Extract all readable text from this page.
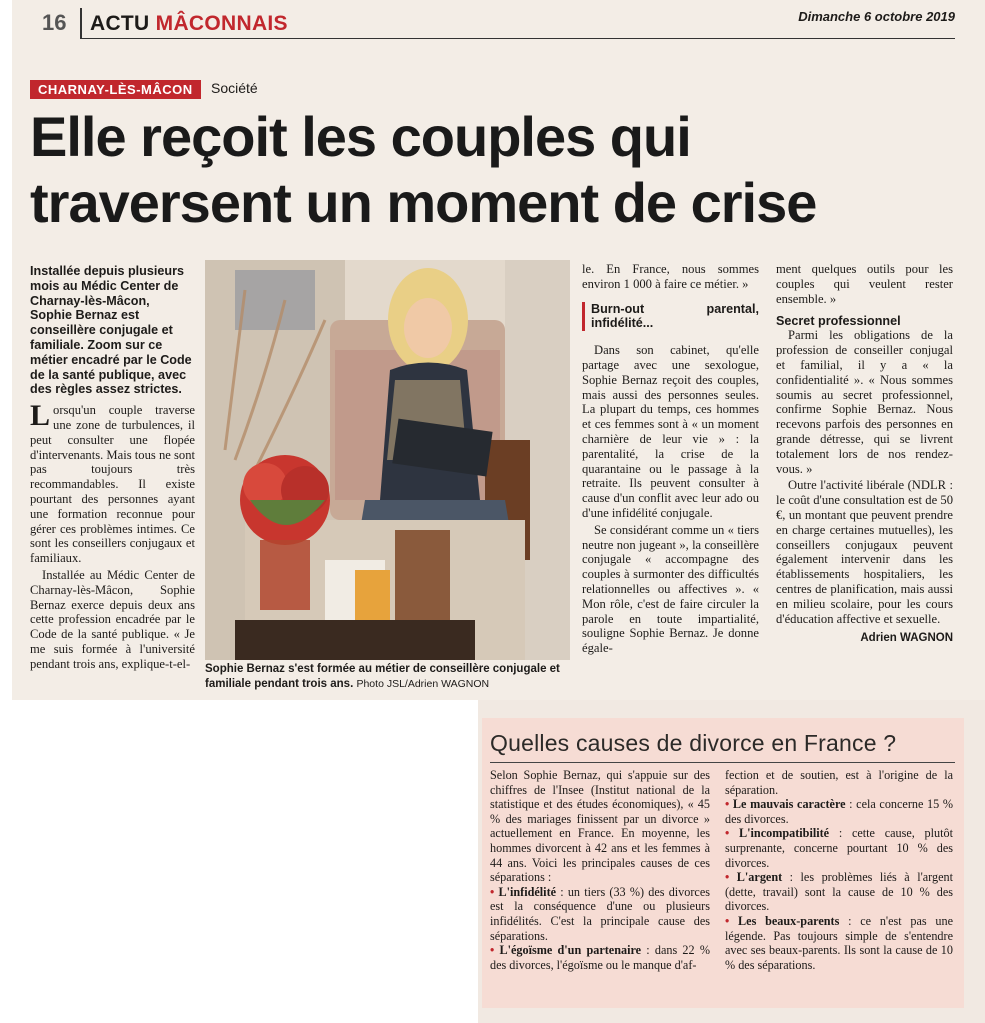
16 ACTU MÂCONNAIS	Dimanche 6 octobre 2019
CHARNAY-LÈS-MÂCON	Société
Elle reçoit les couples qui traversent un moment de crise
Installée depuis plusieurs mois au Médic Center de Charnay-lès-Mâcon, Sophie Bernaz est conseillère conjugale et familiale. Zoom sur ce métier encadré par le Code de la santé publique, avec des règles assez strictes.

Lorsqu'un couple traverse une zone de turbulences, il peut consulter une flopée d'intervenants. Mais tous ne sont pas toujours très recommandables. Il existe pourtant des personnes ayant une formation reconnue pour gérer ces problèmes intimes. Ce sont les conseillers conjugaux et familiaux.

Installée au Médic Center de Charnay-lès-Mâcon, Sophie Bernaz exerce depuis deux ans cette profession encadrée par le Code de la santé publique. « Je me suis formée à l'université pendant trois ans, explique-t-el-	Sophie Bernaz s'est formée au métier de conseillère conjugale et familiale pendant trois ans. Photo JSL/Adrien WAGNON

le. En France, nous sommes environ 1 000 à faire ce métier. »

Burn-out parental, infidélité...

Dans son cabinet, qu'elle partage avec une sexologue, Sophie Bernaz reçoit des couples, mais aussi des personnes seules. La plupart du temps, ces hommes et ces femmes sont à « un moment charnière de leur vie » : la parentalité, la crise de la quarantaine ou le passage à la retraite. Ils peuvent consulter à cause d'un conflit avec leur ado ou d'une infidélité conjugale.

Se considérant comme un « tiers neutre non jugeant », la conseillère conjugale « accompagne des couples à surmonter des difficultés relationnelles ou affectives ». « Mon rôle, c'est de faire circuler la parole en toute impartialité, souligne Sophie Bernaz. Je donne égale-

ment quelques outils pour les couples qui veulent rester ensemble. »

Secret professionnel

Parmi les obligations de la profession de conseiller conjugal et familial, il y a « la confidentialité ». « Nous sommes soumis au secret professionnel, confirme Sophie Bernaz. Nous recevons parfois des personnes en grande détresse, qui se livrent totalement lors de nos rendez-vous. »

Outre l'activité libérale (NDLR : le coût d'une consultation est de 50 €, un montant que peuvent prendre en charge certaines mutuelles), les conseillers conjugaux peuvent également intervenir dans les établissements hospitaliers, les centres de planification, mais aussi en milieu scolaire, pour les cours d'éducation affective et sexuelle.

Adrien WAGNON
Quelles causes de divorce en France ?

Selon Sophie Bernaz, qui s'appuie sur des chiffres de l'Insee (Institut national de la statistique et des études économiques), « 45 % des mariages finissent par un divorce » actuellement en France. En moyenne, les hommes divorcent à 42 ans et les femmes à 44 ans. Voici les principales causes de ces séparations :

• L'infidélité : un tiers (33 %) des divorces est la conséquence d'une ou plusieurs infidélités. C'est la principale cause des séparations.

• L'égoïsme d'un partenaire : dans 22 % des divorces, l'égoïsme ou le manque d'af-

fection et de soutien, est à l'origine de la séparation.

• Le mauvais caractère : cela concerne 15 % des divorces.

• L'incompatibilité : cette cause, plutôt surprenante, concerne pourtant 10 % des divorces.

• L'argent : les problèmes liés à l'argent (dette, travail) sont la cause de 10 % des divorces.

• Les beaux-parents : ce n'est pas une légende. Pas toujours simple de s'entendre avec ses beaux-parents. Ils sont la cause de 10 % des séparations.
